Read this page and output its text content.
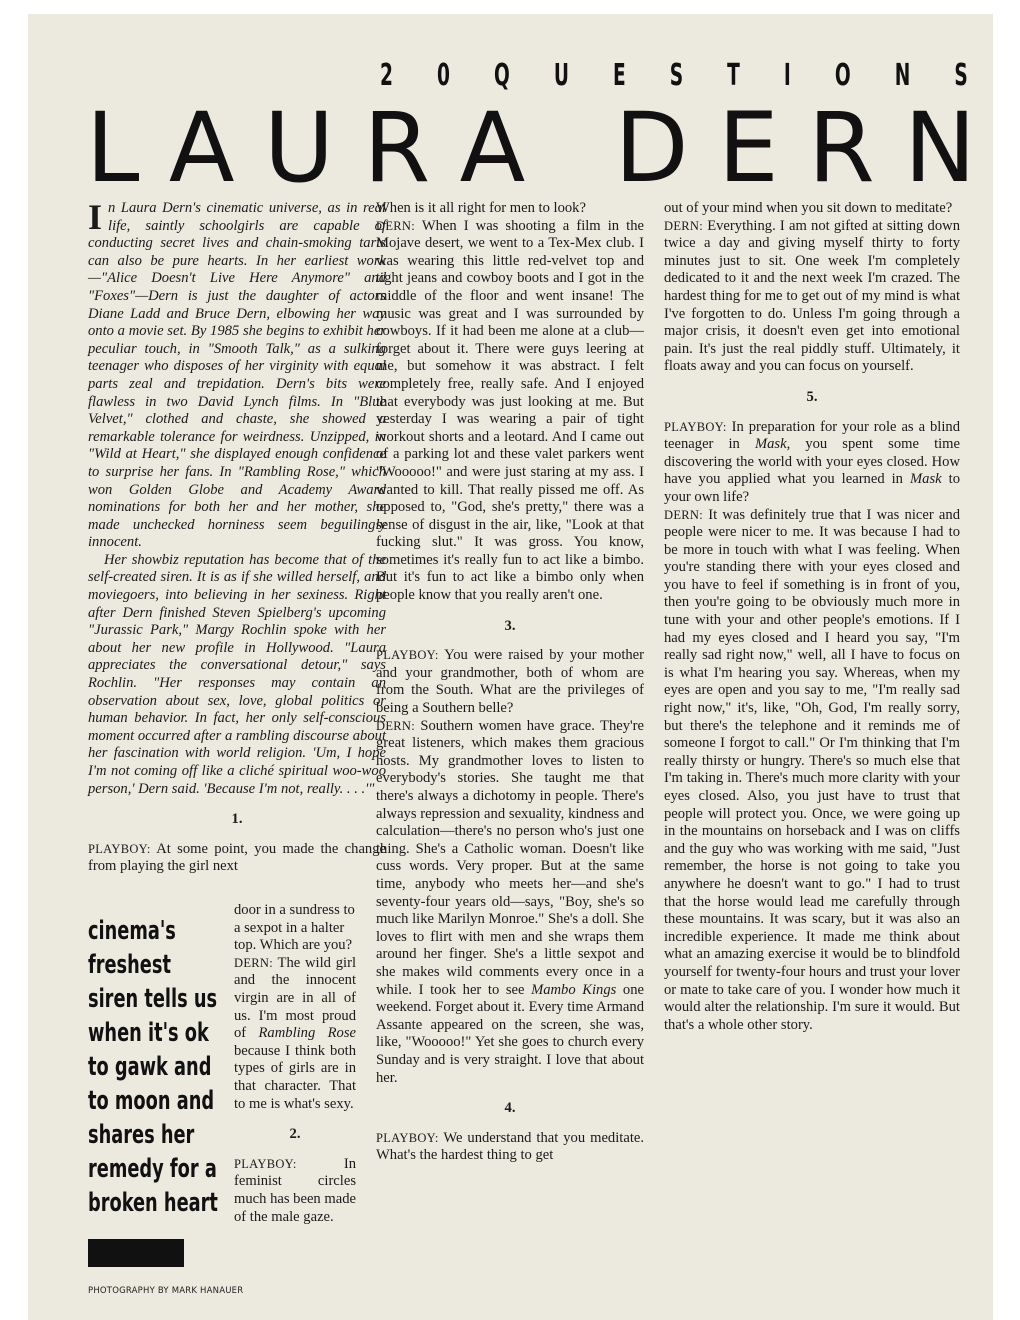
2 0 Q U E S T I O N S
L A U R A D E R N

In Laura Dern's cinematic universe, as in real life, saintly schoolgirls are capable of conducting secret lives and chain-smoking tarts can also be pure hearts. In her earliest work—"Alice Doesn't Live Here Anymore" and "Foxes"—Dern is just the daughter of actors Diane Ladd and Bruce Dern, elbowing her way onto a movie set. By 1985 she begins to exhibit her peculiar touch, in "Smooth Talk," as a sulking teenager who disposes of her virginity with equal parts zeal and trepidation. Dern's bits were flawless in two David Lynch films. In "Blue Velvet," clothed and chaste, she showed a remarkable tolerance for weirdness. Unzipped, in "Wild at Heart," she displayed enough confidence to surprise her fans. In "Rambling Rose," which won Golden Globe and Academy Award nominations for both her and her mother, she made unchecked horniness seem beguilingly innocent.

Her showbiz reputation has become that of the self-created siren. It is as if she willed herself, and moviegoers, into believing in her sexiness. Right after Dern finished Steven Spielberg's upcoming "Jurassic Park," Margy Rochlin spoke with her about her new profile in Hollywood. "Laura appreciates the conversational detour," says Rochlin. "Her responses may contain an observation about sex, love, global politics or human behavior. In fact, her only self-conscious moment occurred after a rambling discourse about her fascination with world religion. 'Um, I hope I'm not coming off like a cliché spiritual woo-woo person,' Dern said. 'Because I'm not, really. . . .'"

1.

PLAYBOY: At some point, you made the change from playing the girl next

door in a sundress to a sexpot in a halter top. Which are you?

DERN: The wild girl and the innocent virgin are in all of us. I'm most proud of Rambling Rose because I think both types of girls are in that character. That to me is what's sexy.

2.

PLAYBOY:	In feminist circles much has been made of the male gaze.

cinema's
freshest
siren tells us
when it's ok
to gawk and
to moon and
shares her
remedy for a
broken heart

When is it all right for men to look?

DERN: When I was shooting a film in the Mojave desert, we went to a Tex-Mex club. I was wearing this little red-velvet top and tight jeans and cowboy boots and I got in the middle of the floor and went insane! The music was great and I was surrounded by cowboys. If it had been me alone at a club—forget about it. There were guys leering at me, but somehow it was abstract. I felt completely free, really safe. And I enjoyed that everybody was just looking at me. But yesterday I was wearing a pair of tight workout shorts and a leotard. And I came out of a parking lot and these valet parkers went "Wooooo!" and were just staring at my ass. I wanted to kill. That really pissed me off. As opposed to, "God, she's pretty," there was a sense of disgust in the air, like, "Look at that fucking slut." It was gross. You know, sometimes it's really fun to act like a bimbo. But it's fun to act like a bimbo only when people know that you really aren't one.

3.

PLAYBOY: You were raised by your mother and your grandmother, both of whom are from the South. What are the privileges of being a Southern belle?

DERN: Southern women have grace. They're great listeners, which makes them gracious hosts. My grandmother loves to listen to everybody's stories. She taught me that there's always a dichotomy in people. There's always repression and sexuality, kindness and calculation—there's no person who's just one thing. She's a Catholic woman. Doesn't like cuss words. Very proper. But at the same time, anybody who meets her—and she's seventy-four years old—says, "Boy, she's so much like Marilyn Monroe." She's a doll. She loves to flirt with men and she wraps them around her finger. She's a little sexpot and she makes wild comments every once in a while. I took her to see Mambo Kings one weekend. Forget about it. Every time Armand Assante appeared on the screen, she was, like, "Wooooo!" Yet she goes to church every Sunday and is very straight. I love that about her.

4.

PLAYBOY: We understand that you meditate. What's the hardest thing to get

out of your mind when you sit down to meditate?

DERN: Everything. I am not gifted at sitting down twice a day and giving myself thirty to forty minutes just to sit. One week I'm completely dedicated to it and the next week I'm crazed. The hardest thing for me to get out of my mind is what I've forgotten to do. Unless I'm going through a major crisis, it doesn't even get into emotional pain. It's just the real piddly stuff. Ultimately, it floats away and you can focus on yourself.

5.

PLAYBOY: In preparation for your role as a blind teenager in Mask, you spent some time discovering the world with your eyes closed. How have you applied what you learned in Mask to your own life?

DERN: It was definitely true that I was nicer and people were nicer to me. It was because I had to be more in touch with what I was feeling. When you're standing there with your eyes closed and you have to feel if something is in front of you, then you're going to be obviously much more in tune with your and other people's emotions. If I had my eyes closed and I heard you say, "I'm really sad right now," well, all I have to focus on is what I'm hearing you say. Whereas, when my eyes are open and you say to me, "I'm really sad right now," it's, like, "Oh, God, I'm really sorry, but there's the telephone and it reminds me of someone I forgot to call." Or I'm thinking that I'm really thirsty or hungry. There's so much else that I'm taking in. There's much more clarity with your eyes closed. Also, you just have to trust that people will protect you. Once, we were going up in the mountains on horseback and I was on cliffs and the guy who was working with me said, "Just remember, the horse is not going to take you anywhere he doesn't want to go." I had to trust that the horse would lead me carefully through these mountains. It was scary, but it was also an incredible experience. It made me think about what an amazing exercise it would be to blindfold yourself for twenty-four hours and trust your lover or mate to take care of you. I wonder how much it would alter the relationship. I'm sure it would. But that's a whole other story.

PHOTOGRAPHY BY MARK HANAUER
